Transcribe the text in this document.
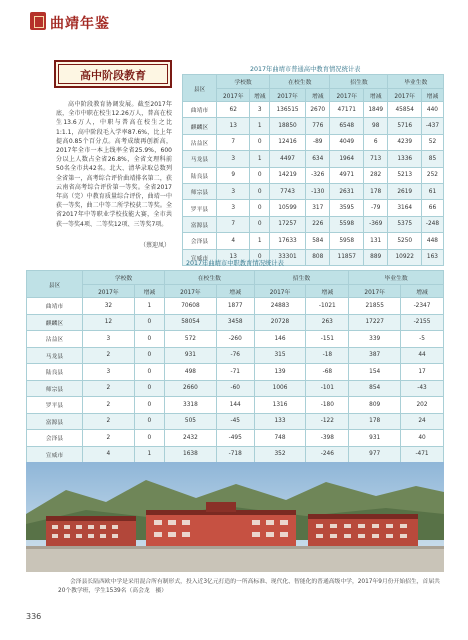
曲靖年鉴
高中阶段教育
高中阶段教育协调发展。截至2017年底，全市中职在校生12.26万人，普高在校生13.6万人，中职与普高在校生之比1:1.1，高中阶段毛入学率87.6%，比上年提高0.85个百分点。高考成绩再创新高，2017年全市一本上线率全省25.9%，600分以上人数占全省26.8%，全省文理科前50名全市共42名。北大、清华录取总数列全省第一，高考综合评价曲靖排名第二，获云南省高考综合评价第一等奖。全省2017年高（完）中教育质量综合评价，曲靖一中获一等奖，曲二中等二所学校获二等奖。全省2017年中等职业学校技能大赛，全市共获一等奖4项、二等奖12项、三等奖7项。
（蔡迎凤）
2017年曲靖市普通高中教育情况统计表
县区	学校数		在校生数		招生数		毕业生数	
	2017年	增减	2017年	增减	2017年	增减	2017年	增减
曲靖市	62	3	136515	2670	47171	1849	45854	440
麒麟区	13	1	18850	776	6548	98	5716	-437
沾益区	7	0	12416	-89	4049	6	4239	52
马龙县	3	1	4497	634	1964	713	1336	85
陆良县	9	0	14219	-326	4971	282	5213	252
师宗县	3	0	7743	-130	2631	178	2619	61
罗平县	3	0	10599	317	3595	-79	3164	66
富源县	7	0	17257	226	5598	-369	5375	-248
会泽县	4	1	17633	584	5958	131	5250	448
宣威市	13	0	33301	808	11857	889	10922	163
2017年曲靖市中职教育情况统计表
县区	学校数		在校生数		招生数		毕业生数	
	2017年	增减	2017年	增减	2017年	增减	2017年	增减
曲靖市	32	1	70608	1877	24883	-1021	21855	-2347
麒麟区	12	0	58054	3458	20728	263	17227	-2155
沾益区	3	0	572	-260	146	-151	339	-5
马龙县	2	0	931	-76	315	-18	387	44
陆良县	3	0	498	-71	139	-68	154	17
师宗县	2	0	2660	-60	1006	-101	854	-43
罗平县	2	0	3318	144	1316	-180	809	202
富源县	2	0	505	-45	133	-122	178	24
会泽县	2	0	2432	-495	748	-398	931	40
宣威市	4	1	1638	-718	352	-246	977	-471
会泽县长陆西欧中学是采用混合所有制形式，投入近3亿元打造的一所高标准、现代化、智能化的普通高级中学，2017年9月份开始招生，首届共20个教学班，学生1539名（高会龙　摄）
336
